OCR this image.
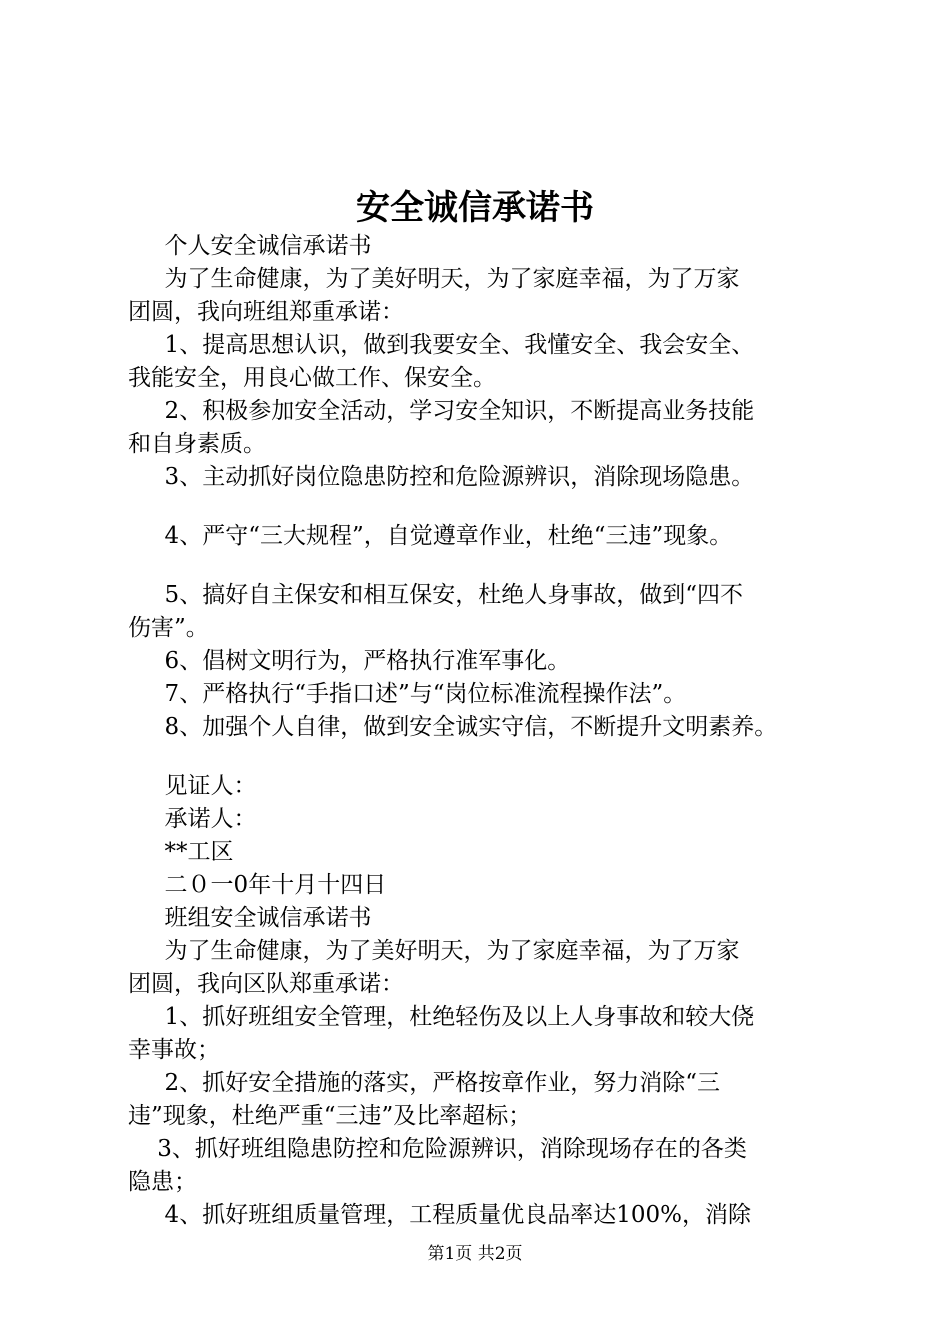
安全诚信承诺书
个人安全诚信承诺书
为了生命健康，为了美好明天，为了家庭幸福，为了万家
团圆，我向班组郑重承诺：
1、提高思想认识，做到我要安全、我懂安全、我会安全、
我能安全，用良心做工作、保安全。
2、积极参加安全活动，学习安全知识，不断提高业务技能
和自身素质。
3、主动抓好岗位隐患防控和危险源辨识，消除现场隐患。
4、严守“三大规程”，自觉遵章作业，杜绝“三违”现象。
5、搞好自主保安和相互保安，杜绝人身事故，做到“四不
伤害”。
6、倡树文明行为，严格执行准军事化。
7、严格执行“手指口述”与“岗位标准流程操作法”。
8、加强个人自律，做到安全诚实守信，不断提升文明素养。
见证人：
承诺人：
**工区
二０一0年十月十四日
班组安全诚信承诺书
为了生命健康，为了美好明天，为了家庭幸福，为了万家
团圆，我向区队郑重承诺：
1、抓好班组安全管理，杜绝轻伤及以上人身事故和较大侥
幸事故；
2、抓好安全措施的落实，严格按章作业，努力消除“三
违”现象，杜绝严重“三违”及比率超标；
3、抓好班组隐患防控和危险源辨识，消除现场存在的各类
隐患；
4、抓好班组质量管理，工程质量优良品率达100%，消除
第1页 共2页
